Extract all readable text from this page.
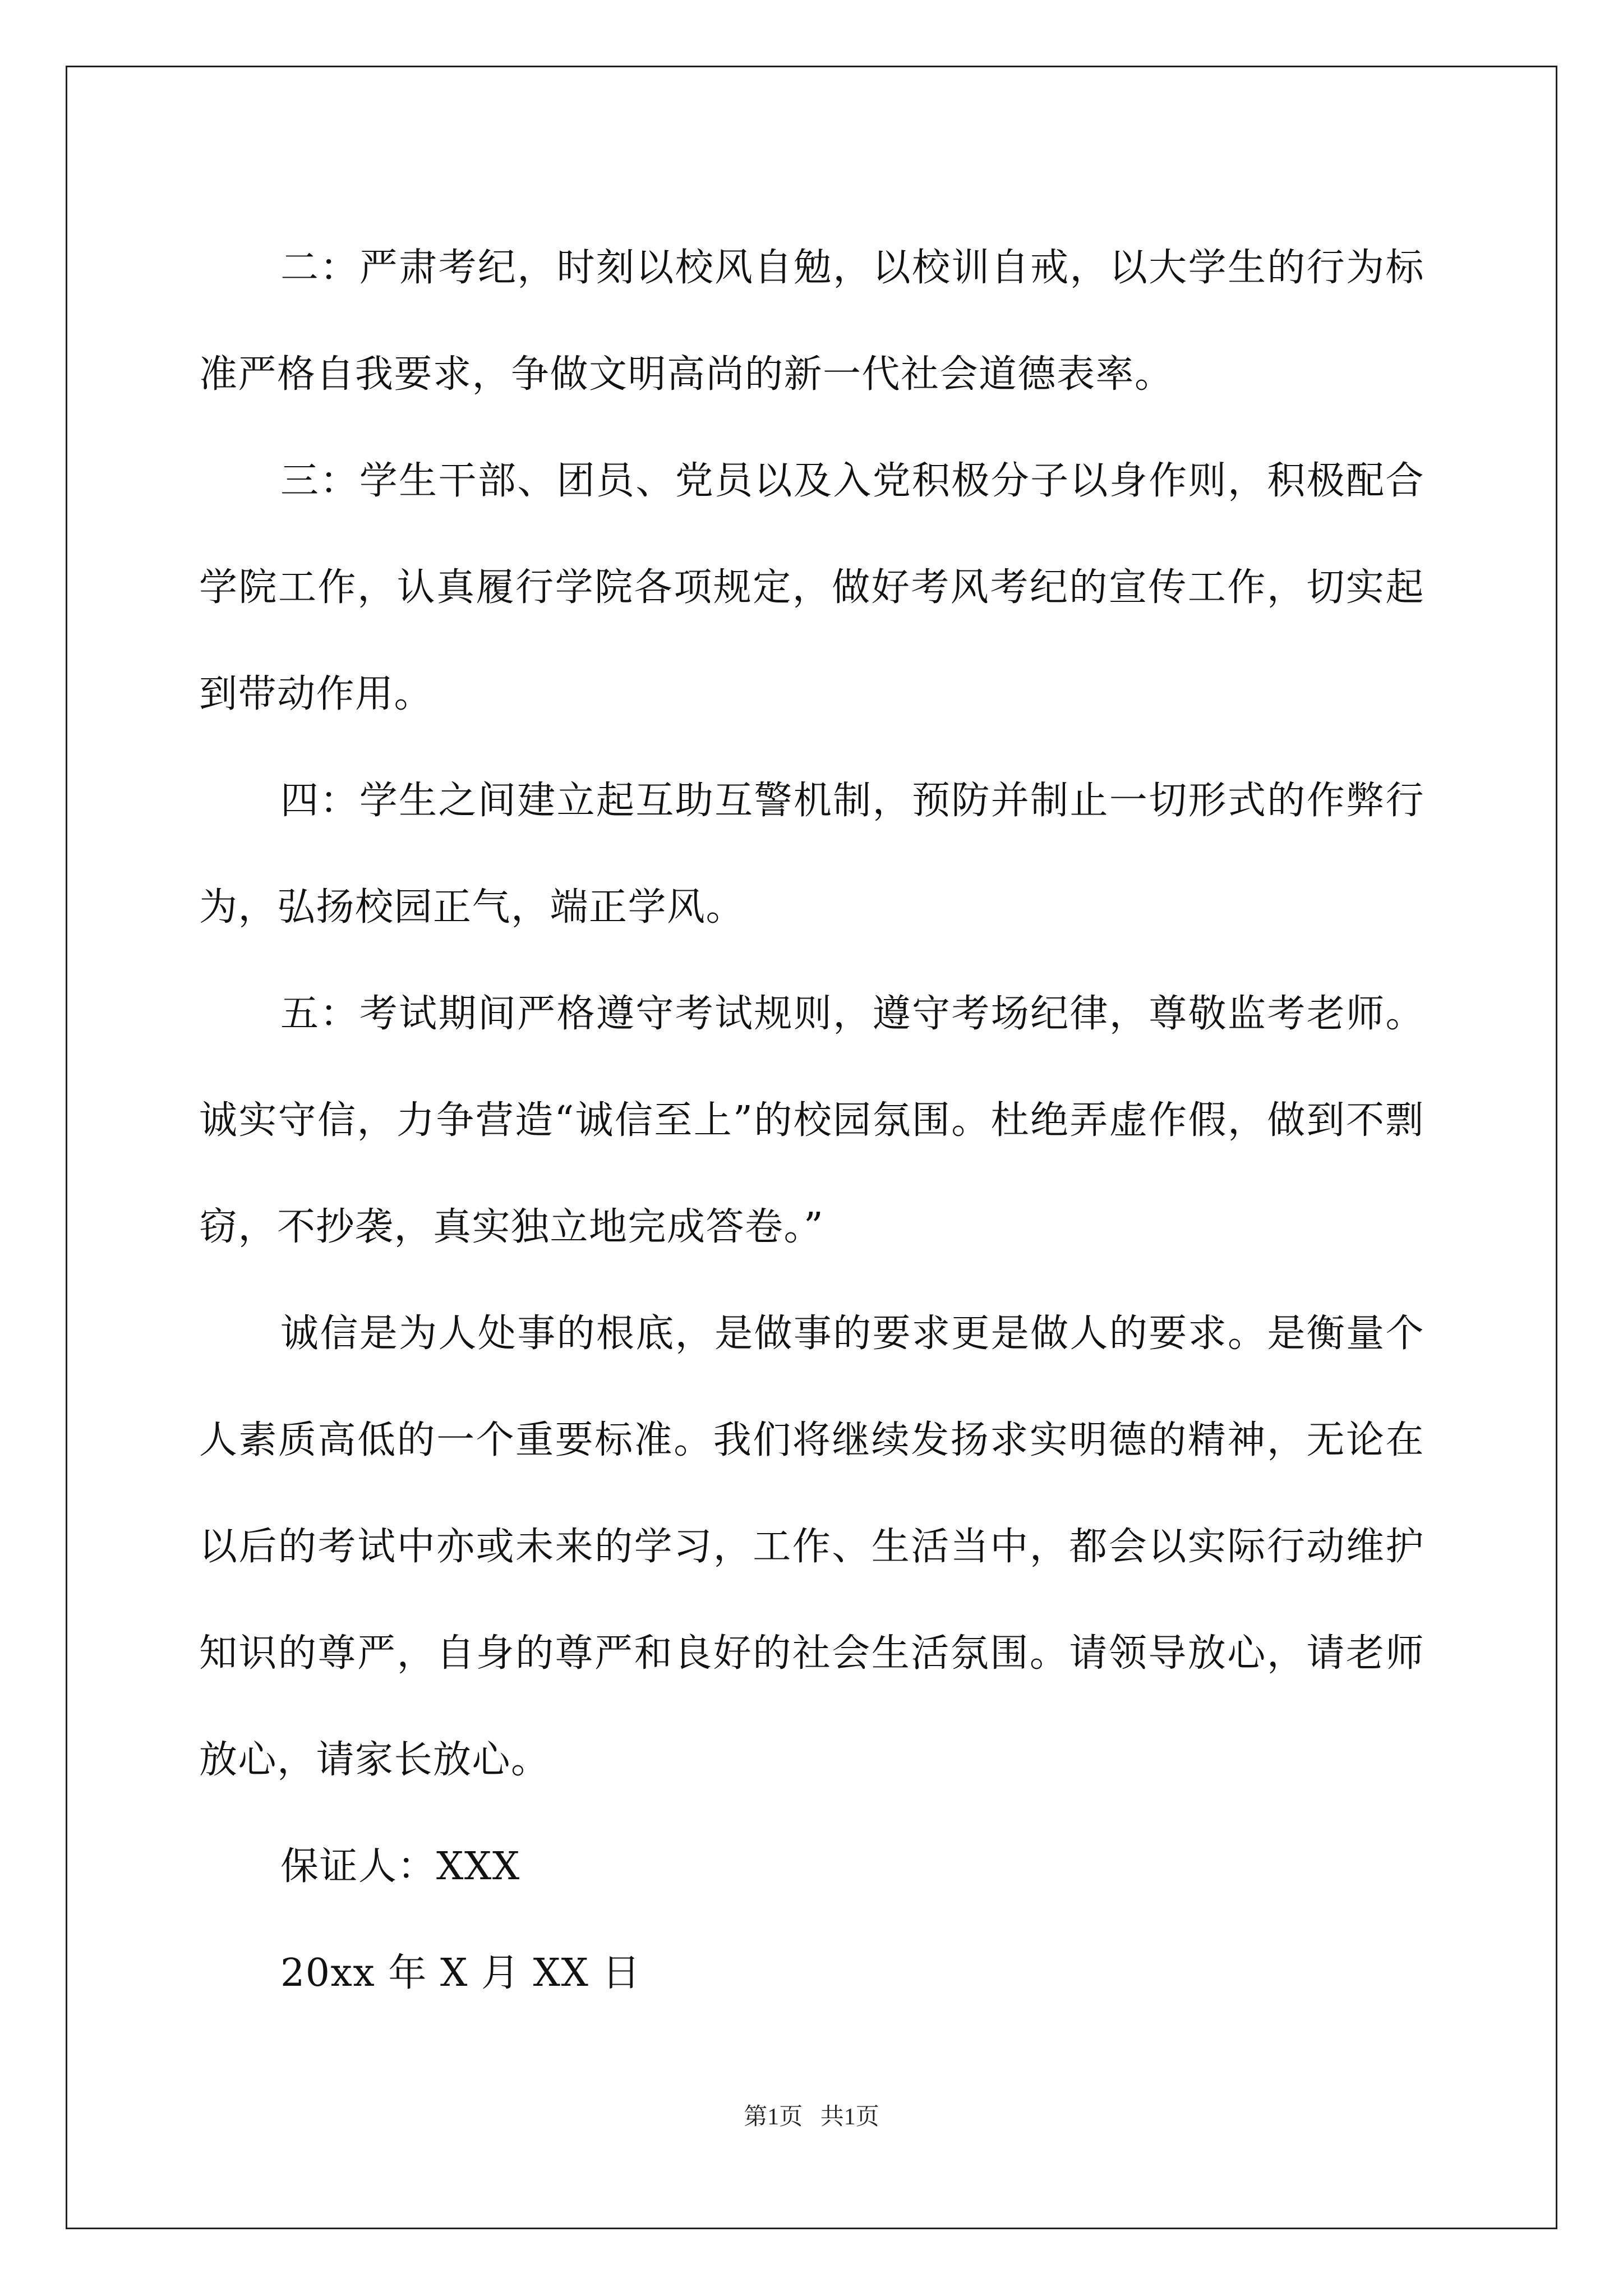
二：严肃考纪，时刻以校风自勉，以校训自戒，以大学生的行为标准严格自我要求，争做文明高尚的新一代社会道德表率。

三：学生干部、团员、党员以及入党积极分子以身作则，积极配合学院工作，认真履行学院各项规定，做好考风考纪的宣传工作，切实起到带动作用。

四：学生之间建立起互助互警机制，预防并制止一切形式的作弊行为，弘扬校园正气，端正学风。

五：考试期间严格遵守考试规则，遵守考场纪律，尊敬监考老师。诚实守信，力争营造“诚信至上”的校园氛围。杜绝弄虚作假，做到不剽窃，不抄袭，真实独立地完成答卷。”

诚信是为人处事的根底，是做事的要求更是做人的要求。是衡量个人素质高低的一个重要标准。我们将继续发扬求实明德的精神，无论在以后的考试中亦或未来的学习，工作、生活当中，都会以实际行动维护知识的尊严，自身的尊严和良好的社会生活氛围。请领导放心，请老师放心，请家长放心。

保证人：XXX

20xx 年 X 月 XX 日

第1页   共1页
